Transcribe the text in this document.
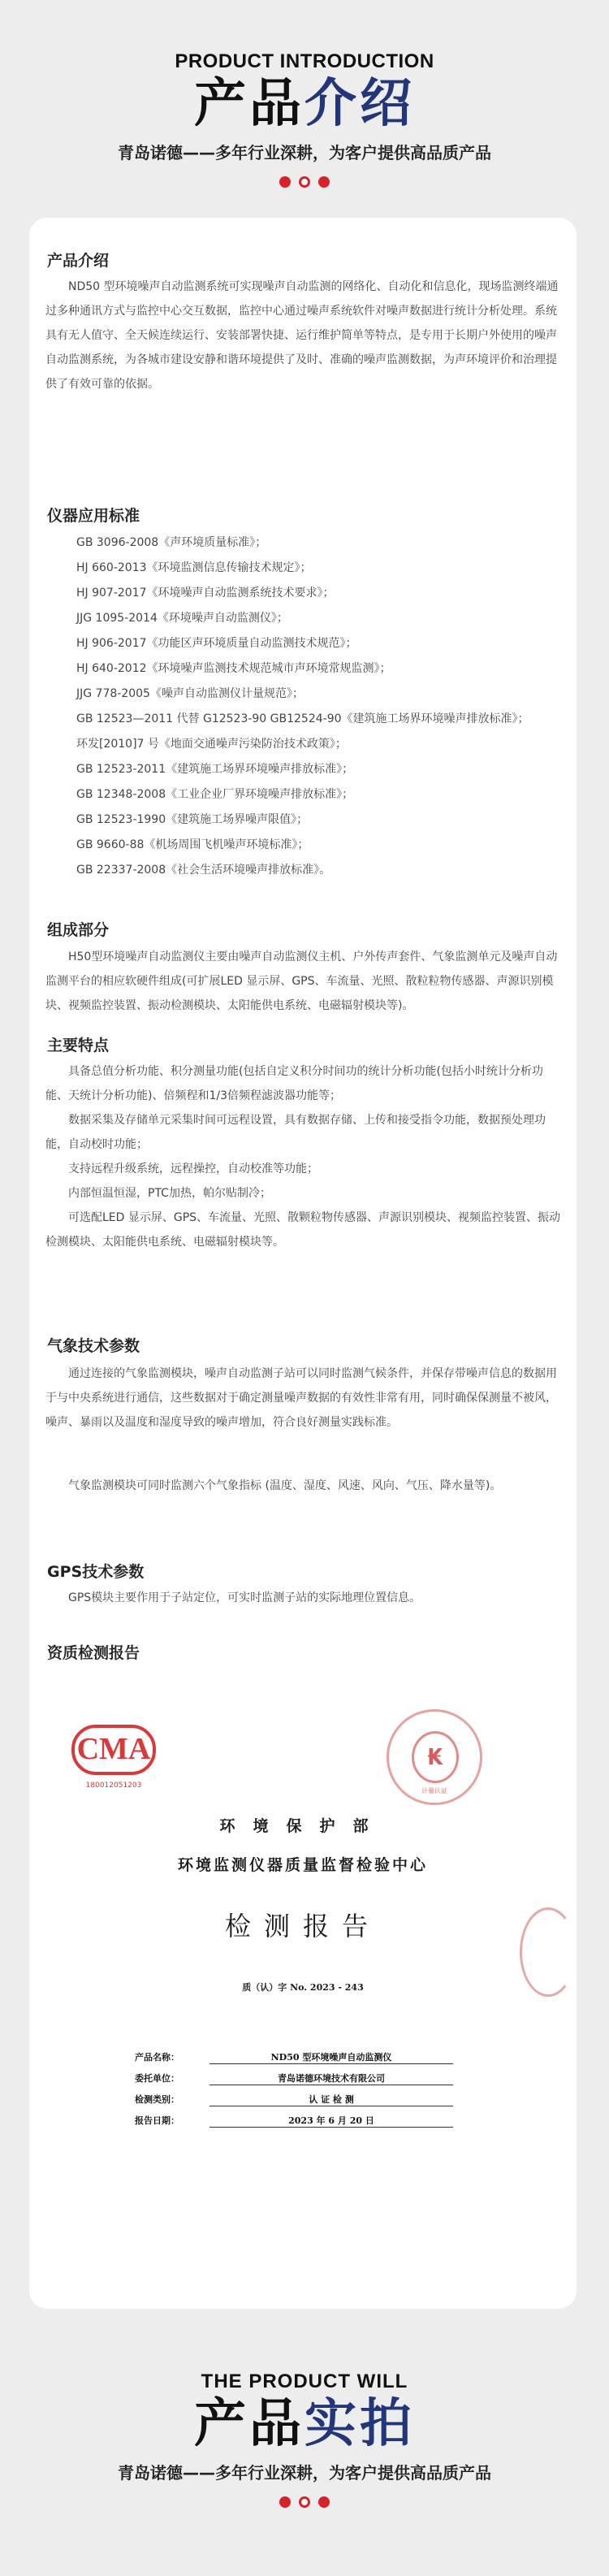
PRODUCT INTRODUCTION
产品介绍
青岛诺德——多年行业深耕，为客户提供高品质产品
产品介绍
ND50 型环境噪声自动监测系统可实现噪声自动监测的网络化、自动化和信息化，现场监测终端通过多种通讯方式与监控中心交互数据，监控中心通过噪声系统软件对噪声数据进行统计分析处理。系统具有无人值守、全天候连续运行、安装部署快捷、运行维护简单等特点，是专用于长期户外使用的噪声自动监测系统，为各城市建设安静和谐环境提供了及时、准确的噪声监测数据，为声环境评价和治理提供了有效可靠的依据。
仪器应用标准
GB 3096-2008《声环境质量标准》；
HJ 660-2013《环境监测信息传输技术规定》；
HJ 907-2017《环境噪声自动监测系统技术要求》；
JJG 1095-2014《环境噪声自动监测仪》；
HJ 906-2017《功能区声环境质量自动监测技术规范》；
HJ 640-2012《环境噪声监测技术规范城市声环境常规监测》；
JJG 778-2005《噪声自动监测仪计量规范》；
GB 12523—2011 代替 G12523-90 GB12524-90《建筑施工场界环境噪声排放标准》；
环发[2010]7 号《地面交通噪声污染防治技术政策》；
GB 12523-2011《建筑施工场界环境噪声排放标准》；
GB 12348-2008《工业企业厂界环境噪声排放标准》；
GB 12523-1990《建筑施工场界噪声限值》；
GB 9660-88《机场周围飞机噪声环境标准》；
GB 22337-2008《社会生活环境噪声排放标准》。
组成部分
H50型环境噪声自动监测仪主要由噪声自动监测仪主机、户外传声套件、气象监测单元及噪声自动监测平台的相应软硬件组成(可扩展LED 显示屏、GPS、车流量、光照、散粒粒物传感器、声源识别模块、视频监控装置、振动检测模块、太阳能供电系统、电磁辐射模块等)。
主要特点
具备总值分析功能、积分测量功能(包括自定义积分时间功的统计分析功能(包括小时统计分析功能、天统计分析功能)、倍频程和1/3倍频程滤波器功能等；
数据采集及存储单元采集时间可远程设置，具有数据存储、上传和接受指令功能，数据预处理功能，自动校时功能；
支持远程升级系统，远程操控，自动校准等功能；
内部恒温恒湿，PTC加热，帕尔贴制冷；
可选配LED 显示屏、GPS、车流量、光照、散颗粒物传感器、声源识别模块、视频监控装置、振动检测模块、太阳能供电系统、电磁辐射模块等。
气象技术参数
通过连接的气象监测模块，噪声自动监测子站可以同时监测气候条件，并保存带噪声信息的数据用于与中央系统进行通信，这些数据对于确定测量噪声数据的有效性非常有用，同时确保保测量不被风，噪声、暴雨以及温度和湿度导致的噪声增加，符合良好测量实践标准。
气象监测模块可同时监测六个气象指标 (温度、湿度、风速、风向、气压、降水量等)。
GPS技术参数
GPS模块主要作用于子站定位，可实时监测子站的实际地理位置信息。
资质检测报告
CMA
180012051203
₭
计量认证
环境保护部
环境监测仪器质量监督检验中心
检测报告
质（认）字 No. 2023 - 243
产品名称：	ND50 型环境噪声自动监测仪
委托单位：	青岛诺德环境技术有限公司
检测类别：	认 证 检 测
报告日期：	2023 年 6 月 20 日
THE PRODUCT WILL
产品实拍
青岛诺德——多年行业深耕，为客户提供高品质产品
